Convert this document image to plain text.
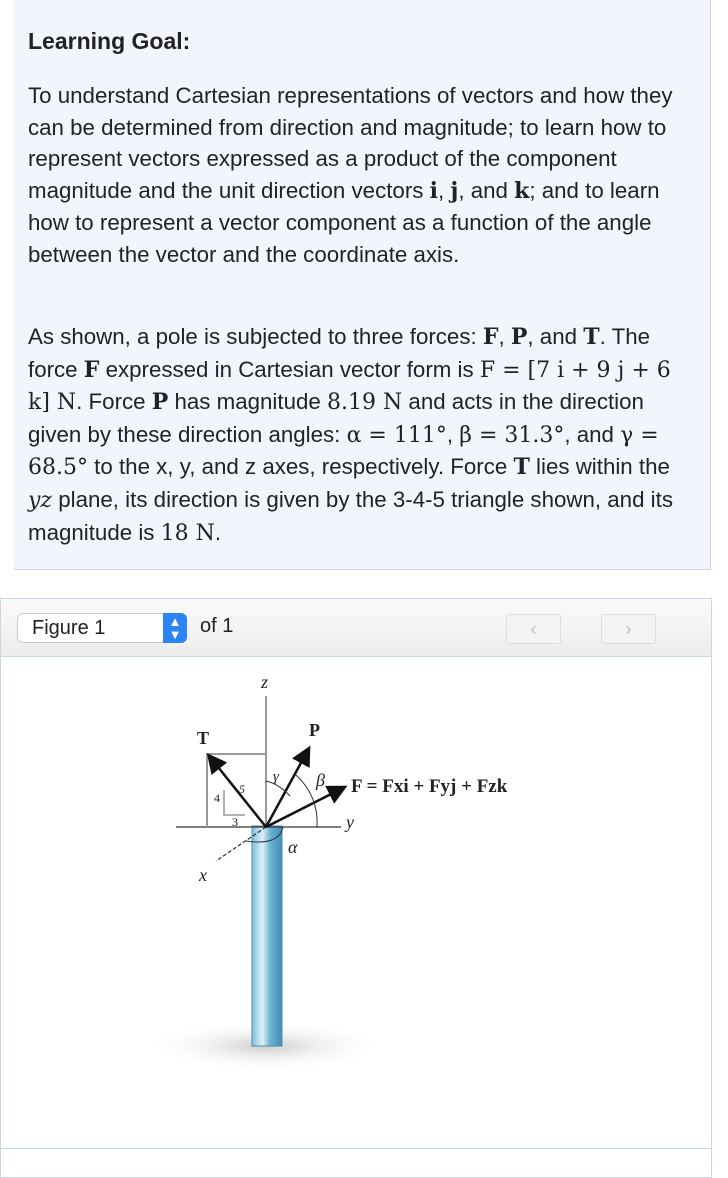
Learning Goal:
To understand Cartesian representations of vectors and how they can be determined from direction and magnitude; to learn how to represent vectors expressed as a product of the component magnitude and the unit direction vectors i, j, and k; and to learn how to represent a vector component as a function of the angle between the vector and the coordinate axis.
As shown, a pole is subjected to three forces: F, P, and T. The force F expressed in Cartesian vector form is F = [7 i + 9 j + 6 k] N. Force P has magnitude 8.19 N and acts in the direction given by these direction angles: α = 111°, β = 31.3°, and γ = 68.5° to the x, y, and z axes, respectively. Force T lies within the yz plane, its direction is given by the 3-4-5 triangle shown, and its magnitude is 18 N.
Figure 1	▲
▼ of 1	‹	›
z
y
x
T	P
γ β
α
4
5
3
F = Fxi + Fyj + Fzk
